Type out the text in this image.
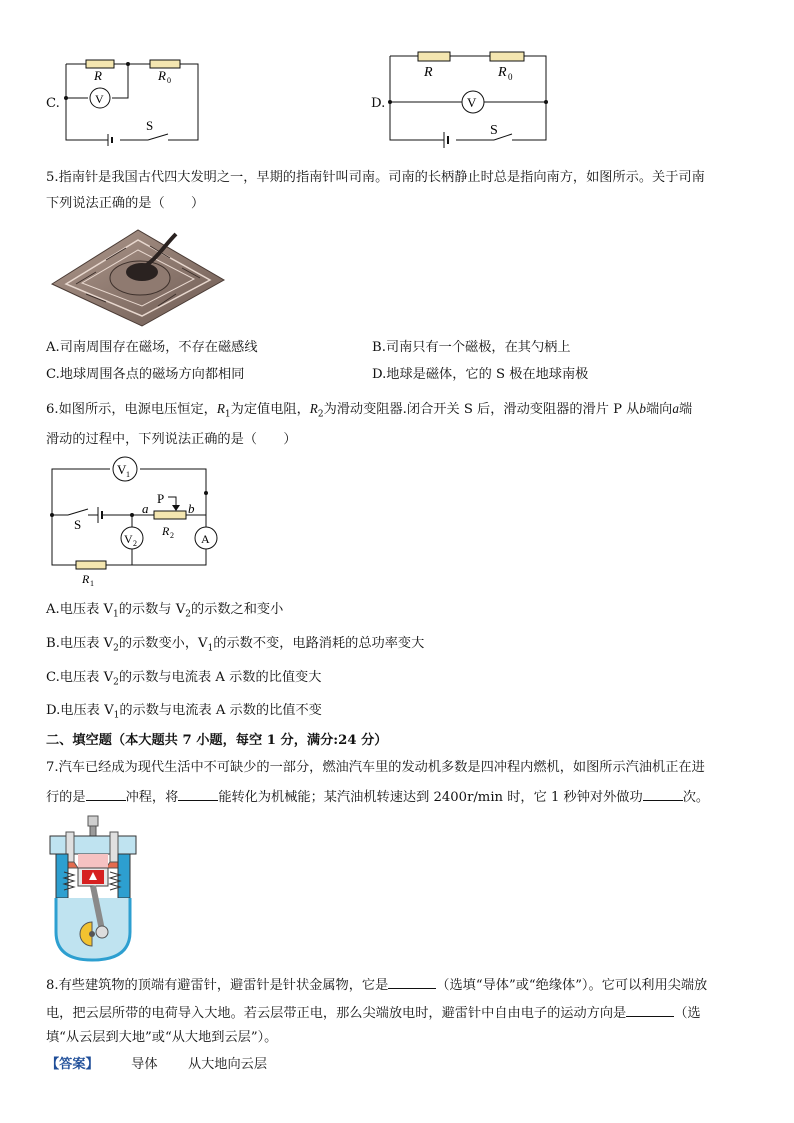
C.
R	R 0
V
S
D.
R	R 0
V
S
5.指南针是我国古代四大发明之一，早期的指南针叫司南。司南的长柄静止时总是指向南方，如图所示。关于司南
下列说法正确的是（　　）
A.司南周围存在磁场，不存在磁感线	B.司南只有一个磁极，在其勺柄上
C.地球周围各点的磁场方向都相同	D.地球是磁体，它的 S 极在地球南极
6.如图所示，电源电压恒定，$R_1$为定值电阻，$R_2$为滑动变阻器.闭合开关 S 后，滑动变阻器的滑片 P 从b端向a端
滑动的过程中，下列说法正确的是（　　）
V 1
V 2	A
S
P
a	b
R 2
R 1
A.电压表 $V_1$的示数与 $V_2$的示数之和变小
B.电压表 $V_2$的示数变小，$V_1$的示数不变，电路消耗的总功率变大
C.电压表 $V_2$的示数与电流表 A 示数的比值变大
D.电压表 $V_1$的示数与电流表 A 示数的比值不变
二、填空题（本大题共 7 小题，每空 1 分，满分:24 分）
7.汽车已经成为现代生活中不可缺少的一部分，燃油汽车里的发动机多数是四冲程内燃机，如图所示汽油机正在进
行的是	冲程，将	能转化为机械能；某汽油机转速达到 2400r/min 时，它 1 秒钟对外做功	次。
8.有些建筑物的顶端有避雷针，避雷针是针状金属物，它是	（选填“导体”或“绝缘体”）。它可以利用尖端放
电，把云层所带的电荷导入大地。若云层带正电，那么尖端放电时，避雷针中自由电子的运动方向是	（选
填“从云层到大地”或“从大地到云层”）。
【答案】 导体 从大地向云层
